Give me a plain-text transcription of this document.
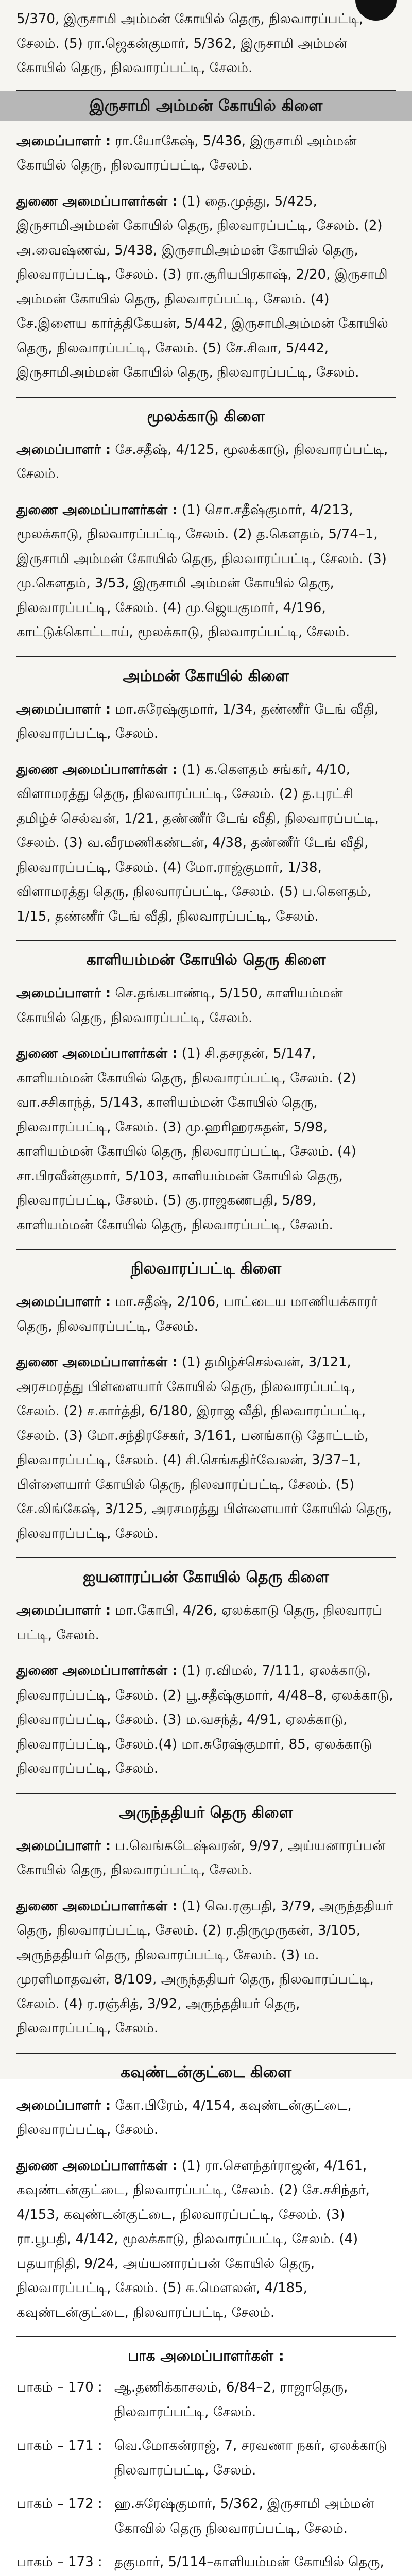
5/370, இருசாமி அம்மன் கோயில் தெரு, நிலவாரப்பட்டி, சேலம். (5) ரா.ஜெகன்குமார், 5/362, இருசாமி அம்மன் கோயில் தெரு, நிலவாரப்பட்டி, சேலம்.

இருசாமி அம்மன் கோயில் கிளை

அமைப்பாளர் : ரா.யோகேஷ், 5/436, இருசாமி அம்மன் கோயில் தெரு, நிலவாரப்பட்டி, சேலம்.

துணை அமைப்பாளர்கள் : (1) தை.முத்து, 5/425, இருசாமிஅம்மன் கோயில் தெரு, நிலவாரப்பட்டி, சேலம். (2) அ.வைஷ்ணவ், 5/438, இருசாமிஅம்மன் கோயில் தெரு, நிலவாரப்பட்டி, சேலம். (3) ரா.சூரியபிரகாஷ், 2/20, இருசாமி அம்மன் கோயில் தெரு, நிலவாரப்பட்டி, சேலம். (4) சே.இளைய கார்த்திகேயன், 5/442, இருசாமிஅம்மன் கோயில் தெரு, நிலவாரப்பட்டி, சேலம். (5) சே.சிவா, 5/442, இருசாமிஅம்மன் கோயில் தெரு, நிலவாரப்பட்டி, சேலம்.

மூலக்காடு கிளை

அமைப்பாளர் : சே.சதீஷ், 4/125, மூலக்காடு, நிலவாரப்பட்டி, சேலம்.

துணை அமைப்பாளர்கள் : (1) சொ.சதீஷ்குமார், 4/213, மூலக்காடு, நிலவாரப்பட்டி, சேலம். (2) த.கௌதம், 5/74–1, இருசாமி அம்மன் கோயில் தெரு, நிலவாரப்பட்டி, சேலம். (3) மு.கௌதம், 3/53, இருசாமி அம்மன் கோயில் தெரு, நிலவாரப்பட்டி, சேலம். (4) மு.ஜெயகுமார், 4/196, காட்டுக்கொட்டாய், மூலக்காடு, நிலவாரப்பட்டி, சேலம்.

அம்மன் கோயில் கிளை

அமைப்பாளர் : மா.சுரேஷ்குமார், 1/34, தண்ணீர் டேங் வீதி, நிலவாரப்பட்டி, சேலம்.

துணை அமைப்பாளர்கள் : (1) க.கௌதம் சங்கர், 4/10, விளாமரத்து தெரு, நிலவாரப்பட்டி, சேலம். (2) த.புரட்சி தமிழ்ச் செல்வன், 1/21, தண்ணீர் டேங் வீதி, நிலவாரப்பட்டி, சேலம். (3) வ.வீரமணிகண்டன், 4/38, தண்ணீர் டேங் வீதி, நிலவாரப்பட்டி, சேலம். (4) மோ.ராஜ்குமார், 1/38, விளாமரத்து தெரு, நிலவாரப்பட்டி, சேலம். (5) ப.கௌதம், 1/15, தண்ணீர் டேங் வீதி, நிலவாரப்பட்டி, சேலம்.

காளியம்மன் கோயில் தெரு கிளை

அமைப்பாளர் : செ.தங்கபாண்டி, 5/150, காளியம்மன் கோயில் தெரு, நிலவாரப்பட்டி, சேலம்.

துணை அமைப்பாளர்கள் : (1) சி.தசரதன், 5/147, காளியம்மன் கோயில் தெரு, நிலவாரப்பட்டி, சேலம். (2) வா.சசிகாந்த், 5/143, காளியம்மன் கோயில் தெரு, நிலவாரப்பட்டி, சேலம். (3) மு.ஹரிஹரசுதன், 5/98, காளியம்மன் கோயில் தெரு, நிலவாரப்பட்டி, சேலம். (4) சா.பிரவீன்குமார், 5/103, காளியம்மன் கோயில் தெரு, நிலவாரப்பட்டி, சேலம். (5) கு.ராஜகணபதி, 5/89, காளியம்மன் கோயில் தெரு, நிலவாரப்பட்டி, சேலம்.

நிலவாரப்பட்டி கிளை

அமைப்பாளர் : மா.சதீஷ், 2/106, பாட்டைய மாணியக்காரர் தெரு, நிலவாரப்பட்டி, சேலம்.

துணை அமைப்பாளர்கள் : (1) தமிழ்ச்செல்வன், 3/121, அரசமரத்து பிள்ளையார் கோயில் தெரு, நிலவாரப்பட்டி, சேலம். (2) ச.கார்த்தி, 6/180, இராஜ வீதி, நிலவாரப்பட்டி, சேலம். (3) மோ.சந்திரசேகர், 3/161, பனங்காடு தோட்டம், நிலவாரப்பட்டி, சேலம். (4) சி.செங்கதிர்வேலன், 3/37–1, பிள்ளையார் கோயில் தெரு, நிலவாரப்பட்டி, சேலம். (5) சே.லிங்கேஷ், 3/125, அரசமரத்து பிள்ளையார் கோயில் தெரு, நிலவாரப்பட்டி, சேலம்.

ஐயனாரப்பன் கோயில் தெரு கிளை

அமைப்பாளர் : மா.கோபி, 4/26, ஏலக்காடு தெரு, நிலவாரப் பட்டி, சேலம்.

துணை அமைப்பாளர்கள் : (1) ர.விமல், 7/111, ஏலக்காடு, நிலவாரப்பட்டி, சேலம். (2) பூ.சதீஷ்குமார், 4/48–8, ஏலக்காடு, நிலவாரப்பட்டி, சேலம். (3) ம.வசந்த், 4/91, ஏலக்காடு, நிலவாரப்பட்டி, சேலம்.(4) மா.சுரேஷ்குமார், 85, ஏலக்காடு நிலவாரப்பட்டி, சேலம்.

அருந்ததியர் தெரு கிளை

அமைப்பாளர் : ப.வெங்கடேஷ்வரன், 9/97, அய்யனாரப்பன் கோயில் தெரு, நிலவாரப்பட்டி, சேலம்.

துணை அமைப்பாளர்கள் : (1) வெ.ரகுபதி, 3/79, அருந்ததியர் தெரு, நிலவாரப்பட்டி, சேலம். (2) ர.திருமுருகன், 3/105, அருந்ததியர் தெரு, நிலவாரப்பட்டி, சேலம். (3) ம. முரளிமாதவன், 8/109, அருந்ததியர் தெரு, நிலவாரப்பட்டி, சேலம். (4) ர.ரஞ்சித், 3/92, அருந்ததியர் தெரு, நிலவாரப்பட்டி, சேலம்.

கவுண்டன்குட்டை கிளை

அமைப்பாளர் : கோ.பிரேம், 4/154, கவுண்டன்குட்டை, நிலவாரப்பட்டி, சேலம்.

துணை அமைப்பாளர்கள் : (1) ரா.சௌந்தர்ராஜன், 4/161, கவுண்டன்குட்டை, நிலவாரப்பட்டி, சேலம். (2) சே.சசிந்தர், 4/153, கவுண்டன்குட்டை, நிலவாரப்பட்டி, சேலம். (3) ரா.பூபதி, 4/142, மூலக்காடு, நிலவாரப்பட்டி, சேலம். (4) பதயாநிதி, 9/24, அய்யனாரப்பன் கோயில் தெரு, நிலவாரப்பட்டி, சேலம். (5) சு.மௌலன், 4/185, கவுண்டன்குட்டை, நிலவாரப்பட்டி, சேலம்.

பாக அமைப்பாளர்கள் :
பாகம் – 170 : ஆ.தணிக்காசலம், 6/84–2, ராஜாதெரு, நிலவாரப்பட்டி, சேலம்.
பாகம் – 171 : வெ.மோகன்ராஜ், 7, சரவணா நகர், ஏலக்காடு நிலவாரப்பட்டி, சேலம்.
பாகம் – 172 : ஹ.சுரேஷ்குமார், 5/362, இருசாமி அம்மன் கோவில் தெரு நிலவாரப்பட்டி, சேலம்.
பாகம் – 173 : தகுமார், 5/114–காளியம்மன் கோயில் தெரு,
